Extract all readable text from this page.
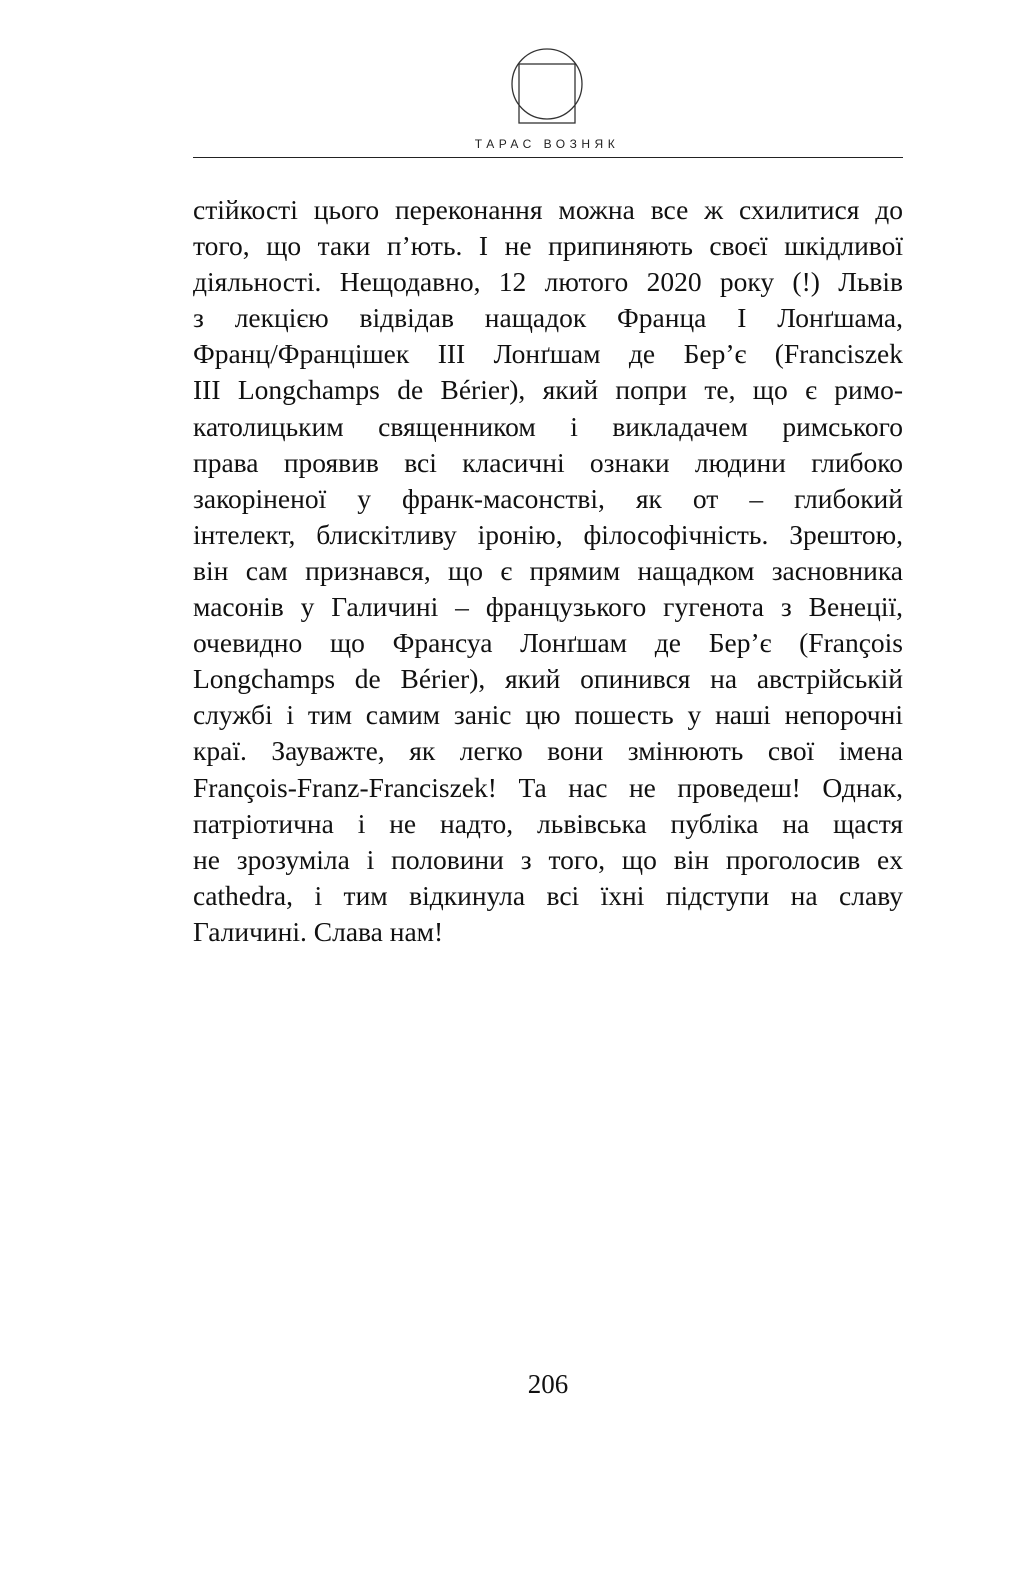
ТАРАС ВОЗНЯК
стійкості цього переконання можна все ж схилитися до
того, що таки п’ють. І не припиняють своєї шкідливої
діяльності. Нещодавно, 12 лютого 2020 року (!) Львів
з лекцією відвідав нащадок Франца І Лонґшама,
Франц/Францішек ІІІ Лонґшам де Бер’є (Franciszek
III Longchamps de Bérier), який попри те, що є римо-
католицьким священником і викладачем римського
права проявив всі класичні ознаки людини глибоко
закоріненої у франк-масонстві, як от – глибокий
інтелект, блискітливу іронію, філософічність. Зрештою,
він сам признався, що є прямим нащадком засновника
масонів у Галичині – французького гугенота з Венеції,
очевидно що Франсуа Лонґшам де Бер’є (François
Longchamps de Bérier), який опинився на австрійській
службі і тим самим заніс цю пошесть у наші непорочні
краї. Зауважте, як легко вони змінюють свої імена
François-Franz-Franciszek! Та нас не проведеш! Однак,
патріотична і не надто, львівська публіка на щастя
не зрозуміла і половини з того, що він проголосив ex
cathedra, і тим відкинула всі їхні підступи на славу
Галичині. Слава нам!
206
